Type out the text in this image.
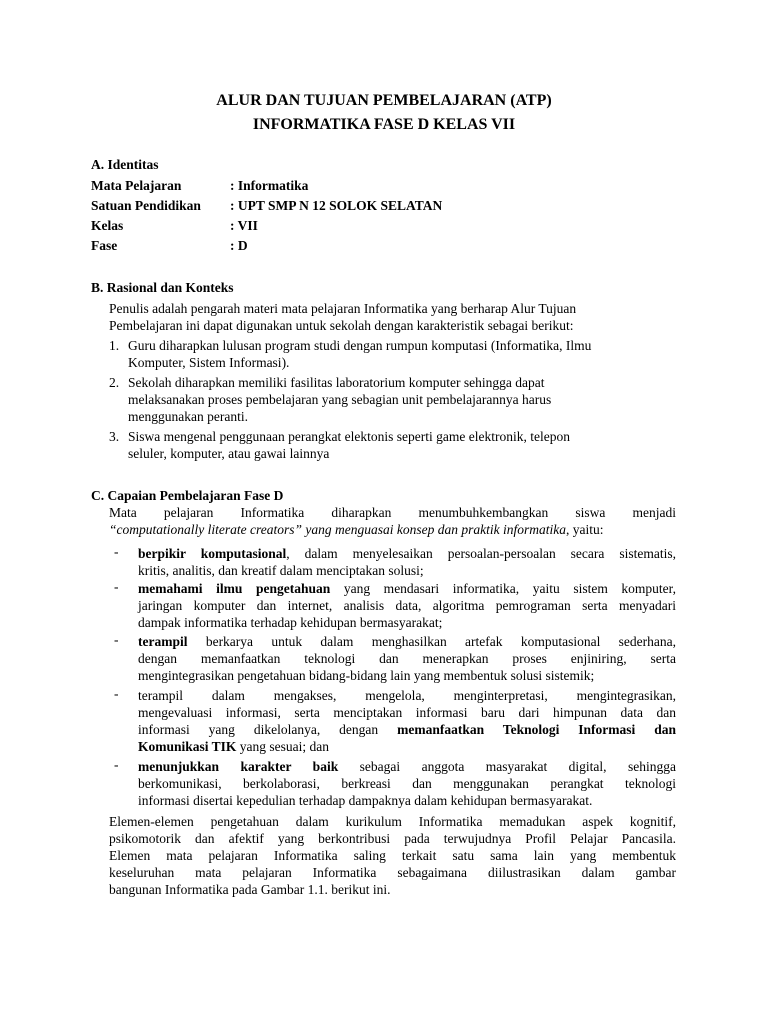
ALUR DAN TUJUAN PEMBELAJARAN (ATP)
INFORMATIKA FASE D KELAS VII
A. Identitas
Mata Pelajaran	: Informatika
Satuan Pendidikan : UPT SMP N 12 SOLOK SELATAN
Kelas	: VII
Fase	: D
B. Rasional dan Konteks
Penulis adalah pengarah materi mata pelajaran Informatika yang berharap Alur Tujuan
Pembelajaran ini dapat digunakan untuk sekolah dengan karakteristik sebagai berikut:
1. Guru diharapkan lulusan program studi dengan rumpun komputasi (Informatika, Ilmu
Komputer, Sistem Informasi).
2. Sekolah diharapkan memiliki fasilitas laboratorium komputer sehingga dapat
melaksanakan proses pembelajaran yang sebagian unit pembelajarannya harus
menggunakan peranti.
3. Siswa mengenal penggunaan perangkat elektonis seperti game elektronik, telepon
seluler, komputer, atau gawai lainnya
C. Capaian Pembelajaran Fase D
Mata pelajaran Informatika diharapkan menumbuhkembangkan siswa menjadi
“computationally literate creators” yang menguasai konsep dan praktik informatika, yaitu:
- berpikir komputasional, dalam menyelesaikan persoalan-persoalan secara sistematis,
kritis, analitis, dan kreatif dalam menciptakan solusi;
- memahami ilmu pengetahuan yang mendasari informatika, yaitu sistem komputer,
jaringan komputer dan internet, analisis data, algoritma pemrograman serta menyadari
dampak informatika terhadap kehidupan bermasyarakat;
- terampil berkarya untuk dalam menghasilkan artefak komputasional sederhana,
dengan memanfaatkan teknologi dan menerapkan proses enjiniring, serta
mengintegrasikan pengetahuan bidang-bidang lain yang membentuk solusi sistemik;
- terampil dalam mengakses, mengelola, menginterpretasi, mengintegrasikan,
mengevaluasi informasi, serta menciptakan informasi baru dari himpunan data dan
informasi yang dikelolanya, dengan memanfaatkan Teknologi Informasi dan
Komunikasi TIK yang sesuai; dan
- menunjukkan karakter baik sebagai anggota masyarakat digital, sehingga
berkomunikasi, berkolaborasi, berkreasi dan menggunakan perangkat teknologi
informasi disertai kepedulian terhadap dampaknya dalam kehidupan bermasyarakat.
Elemen-elemen pengetahuan dalam kurikulum Informatika memadukan aspek kognitif,
psikomotorik dan afektif yang berkontribusi pada terwujudnya Profil Pelajar Pancasila.
Elemen mata pelajaran Informatika saling terkait satu sama lain yang membentuk
keseluruhan mata pelajaran Informatika sebagaimana diilustrasikan dalam gambar
bangunan Informatika pada Gambar 1.1. berikut ini.
